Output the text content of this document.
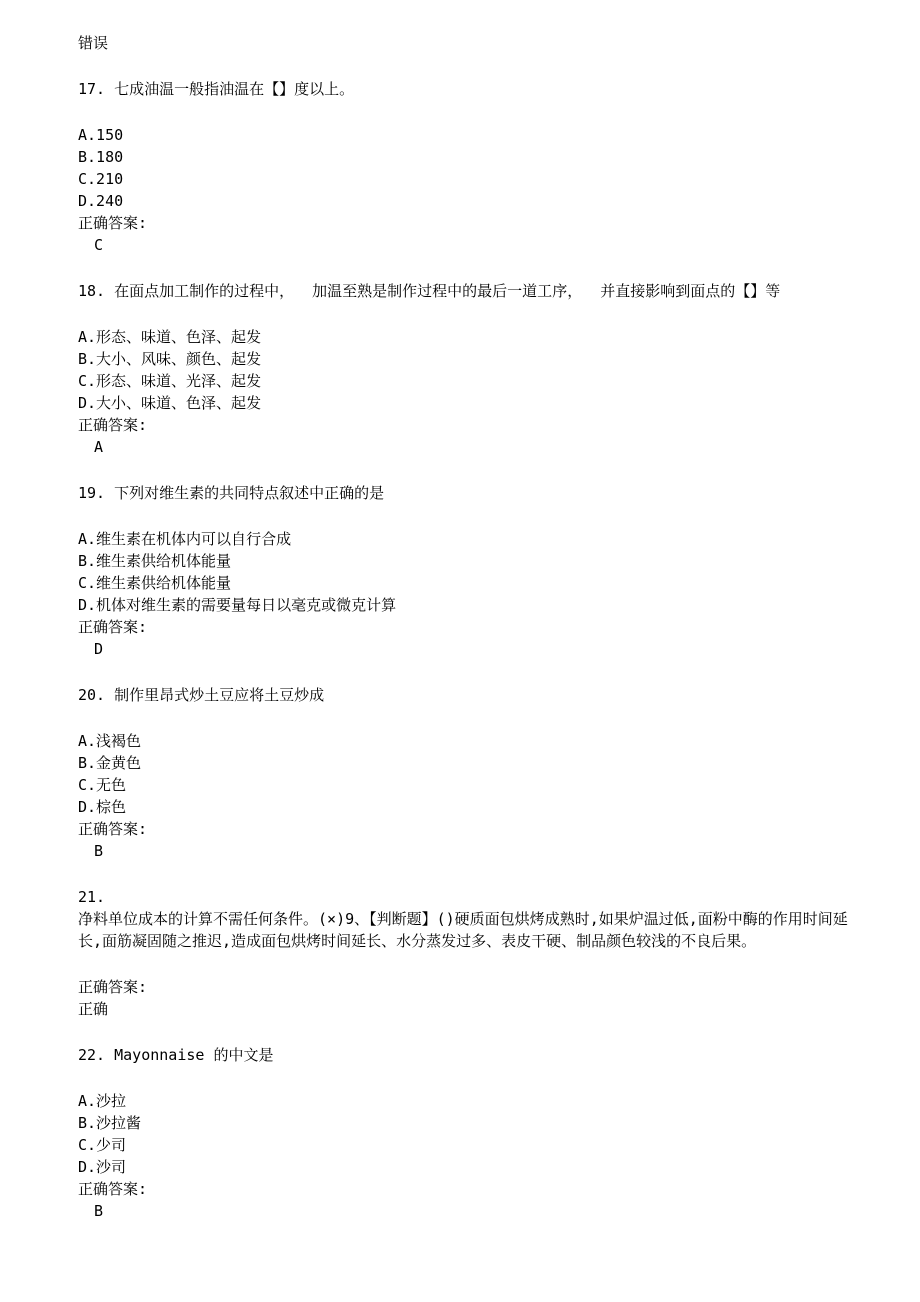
错误
17. 七成油温一般指油温在【】度以上。
A.150
B.180
C.210
D.240
正确答案:
C
18. 在面点加工制作的过程中，  加温至熟是制作过程中的最后一道工序，  并直接影响到面点的【】等
A.形态、味道、色泽、起发
B.大小、风味、颜色、起发
C.形态、味道、光泽、起发
D.大小、味道、色泽、起发
正确答案:
A
19. 下列对维生素的共同特点叙述中正确的是
A.维生素在机体内可以自行合成
B.维生素供给机体能量
C.维生素供给机体能量
D.机体对维生素的需要量每日以毫克或微克计算
正确答案:
D
20. 制作里昂式炒土豆应将土豆炒成
A.浅褐色
B.金黄色
C.无色
D.棕色
正确答案:
B
21.
净料单位成本的计算不需任何条件。(×)9、【判断题】()硬质面包烘烤成熟时,如果炉温过低,面粉中酶的作用时间延长,面筋凝固随之推迟,造成面包烘烤时间延长、水分蒸发过多、表皮干硬、制品颜色较浅的不良后果。
正确答案:
正确
22. Mayonnaise 的中文是
A.沙拉
B.沙拉酱
C.少司
D.沙司
正确答案:
B
